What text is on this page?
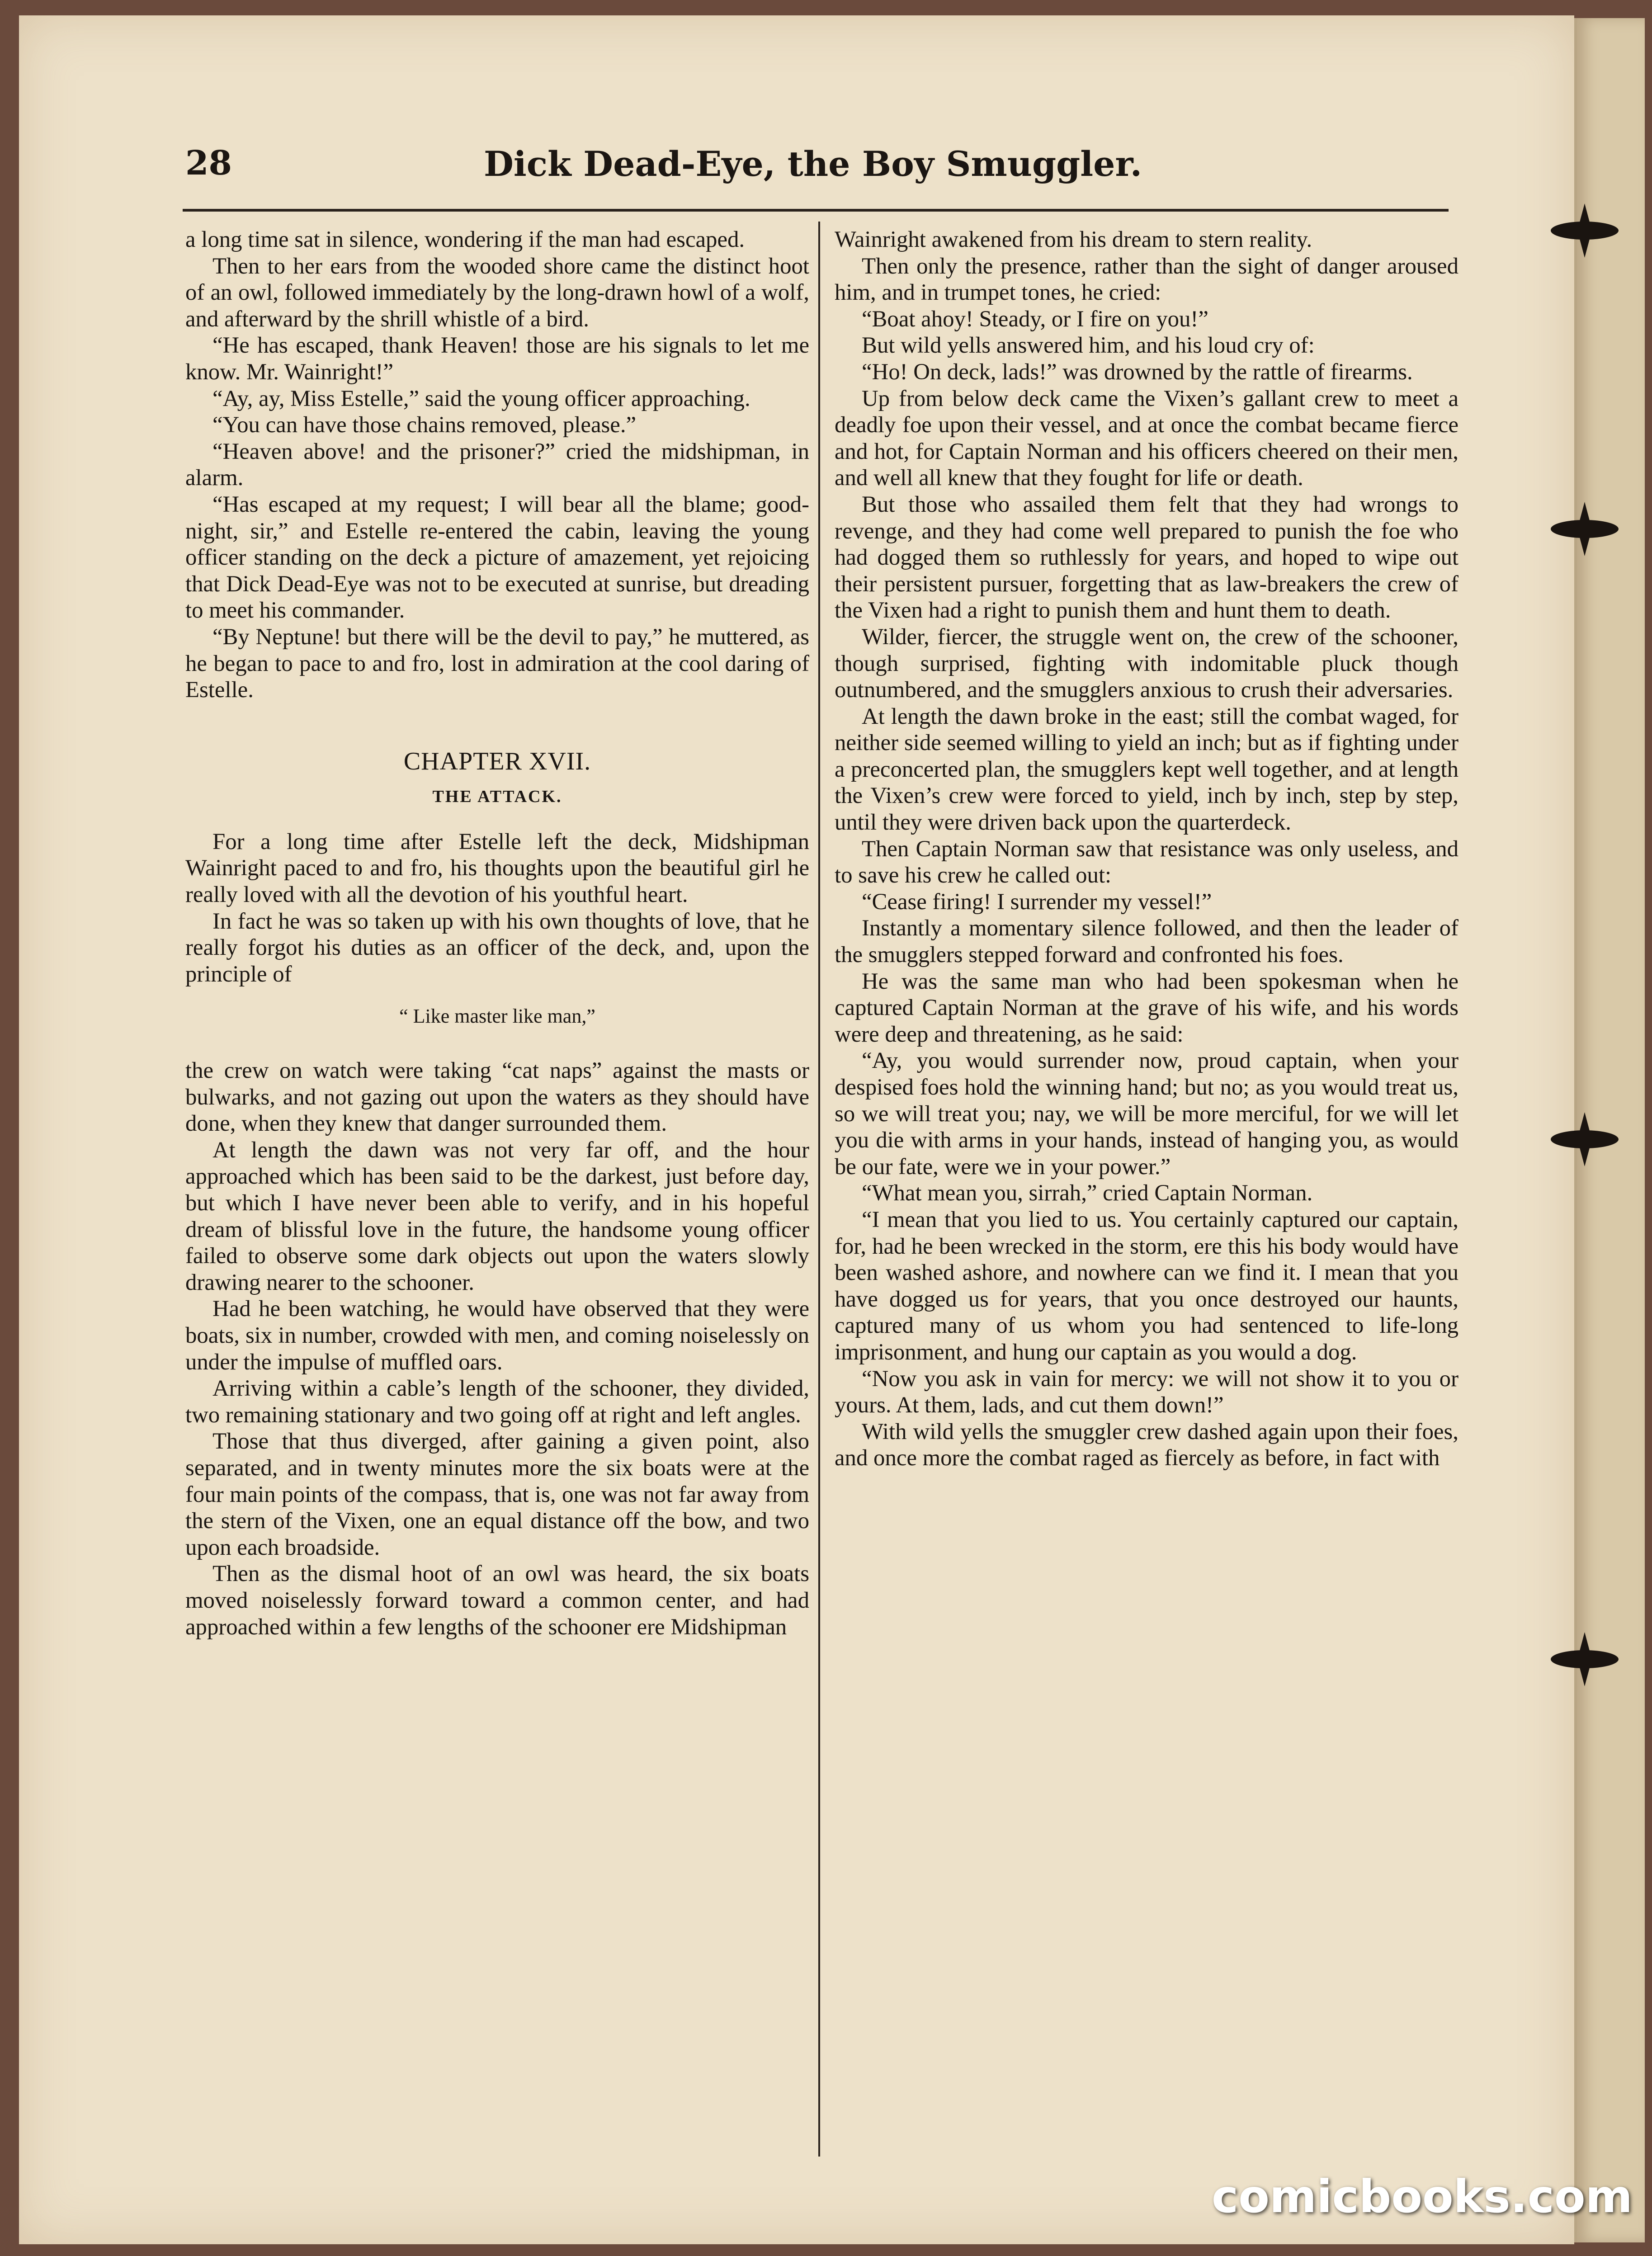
28	Dick Dead-Eye, the Boy Smuggler.

a long time sat in silence, wondering if the man had escaped.

Then to her ears from the wooded shore came the distinct hoot of an owl, followed immediately by the long-drawn howl of a wolf, and afterward by the shrill whistle of a bird.

“He has escaped, thank Heaven! those are his signals to let me know. Mr. Wainright!”

“Ay, ay, Miss Estelle,” said the young officer approaching.

“You can have those chains removed, please.”

“Heaven above! and the prisoner?” cried the midshipman, in alarm.

“Has escaped at my request; I will bear all the blame; good-night, sir,” and Estelle re-entered the cabin, leaving the young officer standing on the deck a picture of amazement, yet rejoicing that Dick Dead-Eye was not to be executed at sunrise, but dreading to meet his commander.

“By Neptune! but there will be the devil to pay,” he muttered, as he began to pace to and fro, lost in admiration at the cool daring of Estelle.

CHAPTER XVII.
THE ATTACK.

For a long time after Estelle left the deck, Midshipman Wainright paced to and fro, his thoughts upon the beautiful girl he really loved with all the devotion of his youthful heart.

In fact he was so taken up with his own thoughts of love, that he really forgot his duties as an officer of the deck, and, upon the principle of

“ Like master like man,”

the crew on watch were taking “cat naps” against the masts or bulwarks, and not gazing out upon the waters as they should have done, when they knew that danger surrounded them.

At length the dawn was not very far off, and the hour approached which has been said to be the darkest, just before day, but which I have never been able to verify, and in his hopeful dream of blissful love in the future, the handsome young officer failed to observe some dark objects out upon the waters slowly drawing nearer to the schooner.

Had he been watching, he would have observed that they were boats, six in number, crowded with men, and coming noiselessly on under the impulse of muffled oars.

Arriving within a cable’s length of the schooner, they divided, two remaining stationary and two going off at right and left angles.

Those that thus diverged, after gaining a given point, also separated, and in twenty minutes more the six boats were at the four main points of the compass, that is, one was not far away from the stern of the Vixen, one an equal distance off the bow, and two upon each broadside.

Then as the dismal hoot of an owl was heard, the six boats moved noiselessly forward toward a common center, and had approached within a few lengths of the schooner ere Midshipman

Wainright awakened from his dream to stern reality.

Then only the presence, rather than the sight of danger aroused him, and in trumpet tones, he cried:

“Boat ahoy! Steady, or I fire on you!”

But wild yells answered him, and his loud cry of:

“Ho! On deck, lads!” was drowned by the rattle of firearms.

Up from below deck came the Vixen’s gallant crew to meet a deadly foe upon their vessel, and at once the combat became fierce and hot, for Captain Norman and his officers cheered on their men, and well all knew that they fought for life or death.

But those who assailed them felt that they had wrongs to revenge, and they had come well prepared to punish the foe who had dogged them so ruthlessly for years, and hoped to wipe out their persistent pursuer, forgetting that as law-breakers the crew of the Vixen had a right to punish them and hunt them to death.

Wilder, fiercer, the struggle went on, the crew of the schooner, though surprised, fighting with indomitable pluck though outnumbered, and the smugglers anxious to crush their adversaries.

At length the dawn broke in the east; still the combat waged, for neither side seemed willing to yield an inch; but as if fighting under a preconcerted plan, the smugglers kept well together, and at length the Vixen’s crew were forced to yield, inch by inch, step by step, until they were driven back upon the quarterdeck.

Then Captain Norman saw that resistance was only useless, and to save his crew he called out:

“Cease firing! I surrender my vessel!”

Instantly a momentary silence followed, and then the leader of the smugglers stepped forward and confronted his foes.

He was the same man who had been spokesman when he captured Captain Norman at the grave of his wife, and his words were deep and threatening, as he said:

“Ay, you would surrender now, proud captain, when your despised foes hold the winning hand; but no; as you would treat us, so we will treat you; nay, we will be more merciful, for we will let you die with arms in your hands, instead of hanging you, as would be our fate, were we in your power.”

“What mean you, sirrah,” cried Captain Norman.

“I mean that you lied to us. You certainly captured our captain, for, had he been wrecked in the storm, ere this his body would have been washed ashore, and nowhere can we find it. I mean that you have dogged us for years, that you once destroyed our haunts, captured many of us whom you had sentenced to life-long imprisonment, and hung our captain as you would a dog.

“Now you ask in vain for mercy: we will not show it to you or yours. At them, lads, and cut them down!”

With wild yells the smuggler crew dashed again upon their foes, and once more the combat raged as fiercely as before, in fact with

comicbooks.com
